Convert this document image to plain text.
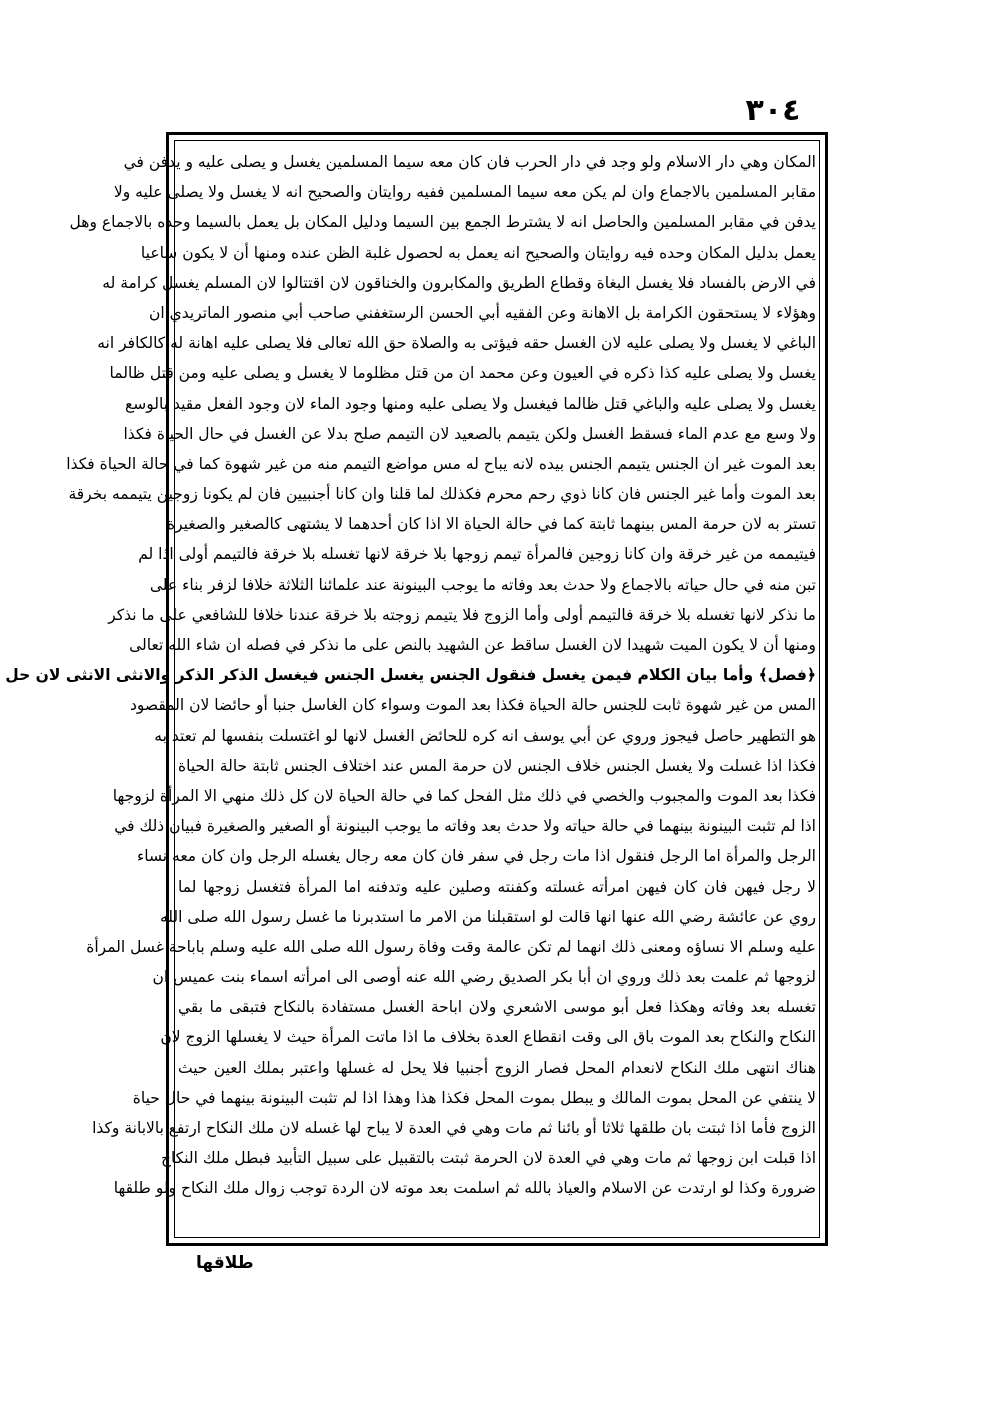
٣٠٤
المكان وهي دار الاسلام ولو وجد في دار الحرب فان كان معه سيما المسلمين يغسل و يصلى عليه و يدفن في
مقابر المسلمين بالاجماع وان لم يكن معه سيما المسلمين ففيه روايتان والصحيح انه لا يغسل ولا يصلى عليه ولا
يدفن في مقابر المسلمين والحاصل انه لا يشترط الجمع بين السيما ودليل المكان بل يعمل بالسيما وحده بالاجماع وهل
يعمل بدليل المكان وحده فيه روايتان والصحيح انه يعمل به لحصول غلبة الظن عنده ومنها أن لا يكون ساعيا
في الارض بالفساد فلا يغسل البغاة وقطاع الطريق والمكابرون والخناقون لان اقتتالوا لان المسلم يغسل كرامة له
وهؤلاء لا يستحقون الكرامة بل الاهانة وعن الفقيه أبي الحسن الرستغفني صاحب أبي منصور الماتريدي ان
الباغي لا يغسل ولا يصلى عليه لان الغسل حقه فيؤتى به والصلاة حق الله تعالى فلا يصلى عليه اهانة له كالكافر انه
يغسل ولا يصلى عليه كذا ذكره في العيون وعن محمد ان من قتل مظلوما لا يغسل و يصلى عليه ومن قتل ظالما
يغسل ولا يصلى عليه والباغي قتل ظالما فيغسل ولا يصلى عليه ومنها وجود الماء لان وجود الفعل مقيد بالوسع
ولا وسع مع عدم الماء فسقط الغسل ولكن يتيمم بالصعيد لان التيمم صلح بدلا عن الغسل في حال الحياة فكذا
بعد الموت غير ان الجنس يتيمم الجنس بيده لانه يباح له مس مواضع التيمم منه من غير شهوة كما في حالة الحياة فكذا
بعد الموت وأما غير الجنس فان كانا ذوي رحم محرم فكذلك لما قلنا وان كانا أجنبيين فان لم يكونا زوجين يتيممه بخرقة
تستر به لان حرمة المس بينهما ثابتة كما في حالة الحياة الا اذا كان أحدهما لا يشتهى كالصغير والصغيرة
فيتيممه من غير خرقة وان كانا زوجين فالمرأة تيمم زوجها بلا خرقة لانها تغسله بلا خرقة فالتيمم أولى اذا لم
تبن منه في حال حياته بالاجماع ولا حدث بعد وفاته ما يوجب البينونة عند علمائنا الثلاثة خلافا لزفر بناء على
ما نذكر لانها تغسله بلا خرقة فالتيمم أولى وأما الزوج فلا يتيمم زوجته بلا خرقة عندنا خلافا للشافعي على ما نذكر
ومنها أن لا يكون الميت شهيدا لان الغسل ساقط عن الشهيد بالنص على ما نذكر في فصله ان شاء الله تعالى
﴿فصل﴾ وأما بيان الكلام فيمن يغسل فنقول الجنس يغسل الجنس فيغسل الذكر الذكر والانثى الانثى لان حل
المس من غير شهوة ثابت للجنس حالة الحياة فكذا بعد الموت وسواء كان الغاسل جنبا أو حائضا لان المقصود
هو التطهير حاصل فيجوز وروي عن أبي يوسف انه كره للحائض الغسل لانها لو اغتسلت بنفسها لم تعتد به
فكذا اذا غسلت ولا يغسل الجنس خلاف الجنس لان حرمة المس عند اختلاف الجنس ثابتة حالة الحياة
فكذا بعد الموت والمجبوب والخصي في ذلك مثل الفحل كما في حالة الحياة لان كل ذلك منهي الا المرأة لزوجها
اذا لم تثبت البينونة بينهما في حالة حياته ولا حدث بعد وفاته ما يوجب البينونة أو الصغير والصغيرة فبيان ذلك في
الرجل والمرأة اما الرجل فنقول اذا مات رجل في سفر فان كان معه رجال يغسله الرجل وان كان معه نساء
لا رجل فيهن فان كان فيهن امرأته غسلته وكفنته وصلين عليه وتدفنه اما المرأة فتغسل زوجها لما
روي عن عائشة رضي الله عنها انها قالت لو استقبلنا من الامر ما استدبرنا ما غسل رسول الله صلى الله
عليه وسلم الا نساؤه ومعنى ذلك انهما لم تكن عالمة وقت وفاة رسول الله صلى الله عليه وسلم باباحة غسل المرأة
لزوجها ثم علمت بعد ذلك وروي ان أبا بكر الصديق رضي الله عنه أوصى الى امرأته اسماء بنت عميس ان
تغسله بعد وفاته وهكذا فعل أبو موسى الاشعري ولان اباحة الغسل مستفادة بالنكاح فتبقى ما بقي
النكاح والنكاح بعد الموت باق الى وقت انقطاع العدة بخلاف ما اذا ماتت المرأة حيث لا يغسلها الزوج لان
هناك انتهى ملك النكاح لانعدام المحل فصار الزوج أجنبيا فلا يحل له غسلها واعتبر بملك العين حيث
لا ينتفي عن المحل بموت المالك و يبطل بموت المحل فكذا هذا وهذا اذا لم تثبت البينونة بينهما في حال حياة
الزوج فأما اذا ثبتت بان طلقها ثلاثا أو بائنا ثم مات وهي في العدة لا يباح لها غسله لان ملك النكاح ارتفع بالابانة وكذا
اذا قبلت ابن زوجها ثم مات وهي في العدة لان الحرمة ثبتت بالتقبيل على سبيل التأبيد فبطل ملك النكاح
ضرورة وكذا لو ارتدت عن الاسلام والعياذ بالله ثم اسلمت بعد موته لان الردة توجب زوال ملك النكاح ولو طلقها
طلاقها
